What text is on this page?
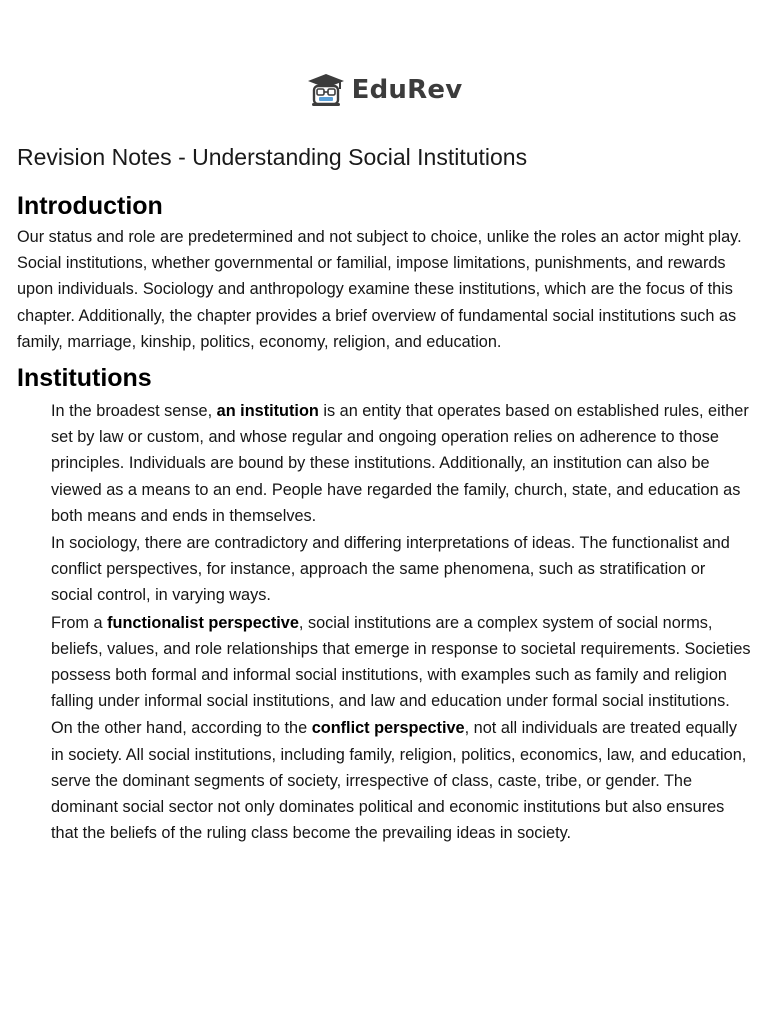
EduRev
Revision Notes - Understanding Social Institutions
Introduction

Our status and role are predetermined and not subject to choice, unlike the roles an actor might play. Social institutions, whether governmental or familial, impose limitations, punishments, and rewards upon individuals. Sociology and anthropology examine these institutions, which are the focus of this chapter. Additionally, the chapter provides a brief overview of fundamental social institutions such as family, marriage, kinship, politics, economy, religion, and education.

Institutions

In the broadest sense, an institution is an entity that operates based on established rules, either set by law or custom, and whose regular and ongoing operation relies on adherence to those principles. Individuals are bound by these institutions. Additionally, an institution can also be viewed as a means to an end. People have regarded the family, church, state, and education as both means and ends in themselves.

In sociology, there are contradictory and differing interpretations of ideas. The functionalist and conflict perspectives, for instance, approach the same phenomena, such as stratification or social control, in varying ways.

From a functionalist perspective, social institutions are a complex system of social norms, beliefs, values, and role relationships that emerge in response to societal requirements. Societies possess both formal and informal social institutions, with examples such as family and religion falling under informal social institutions, and law and education under formal social institutions.

On the other hand, according to the conflict perspective, not all individuals are treated equally in society. All social institutions, including family, religion, politics, economics, law, and education, serve the dominant segments of society, irrespective of class, caste, tribe, or gender. The dominant social sector not only dominates political and economic institutions but also ensures that the beliefs of the ruling class become the prevailing ideas in society.
